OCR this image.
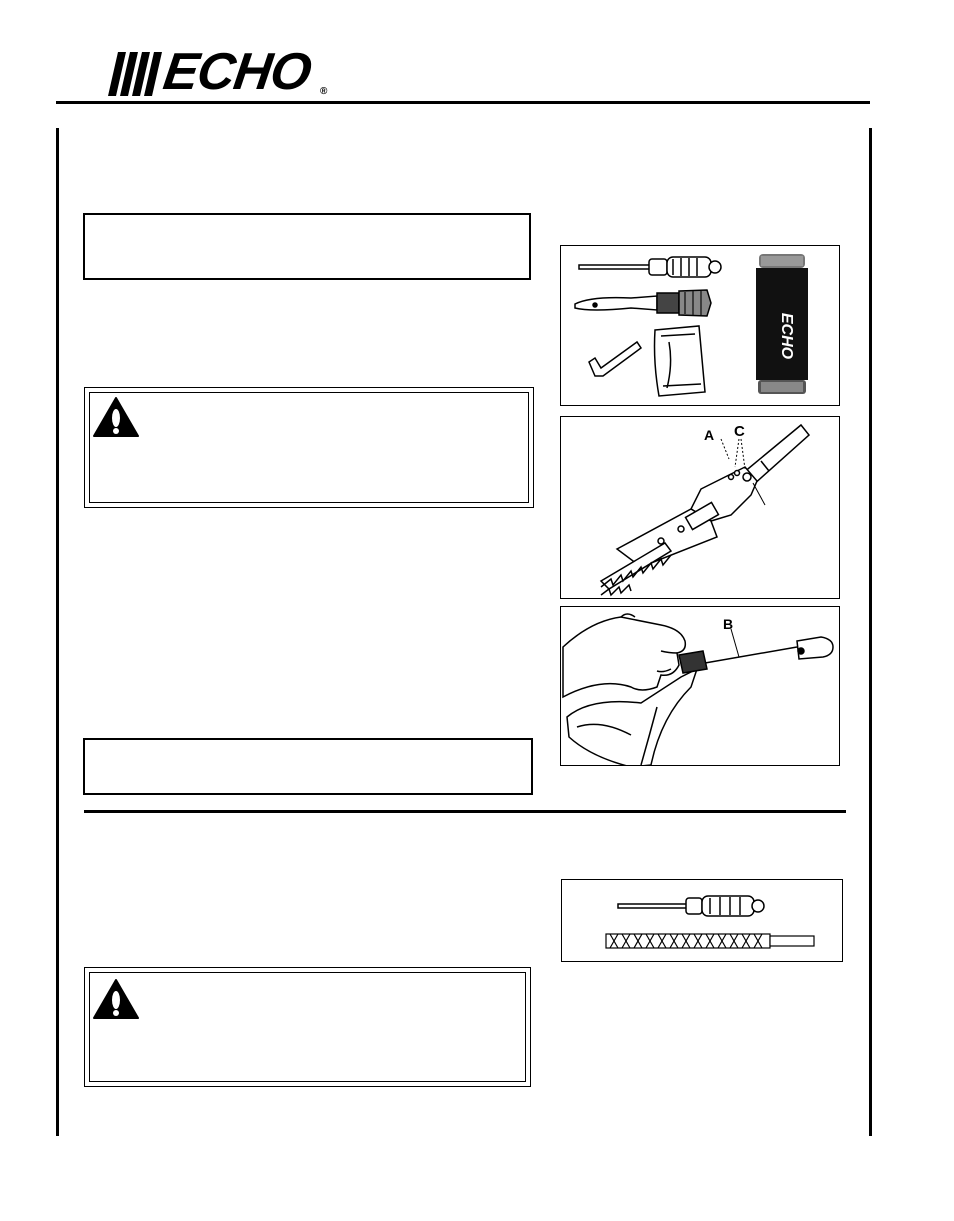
ECHO ®
ECHO
A C
B
